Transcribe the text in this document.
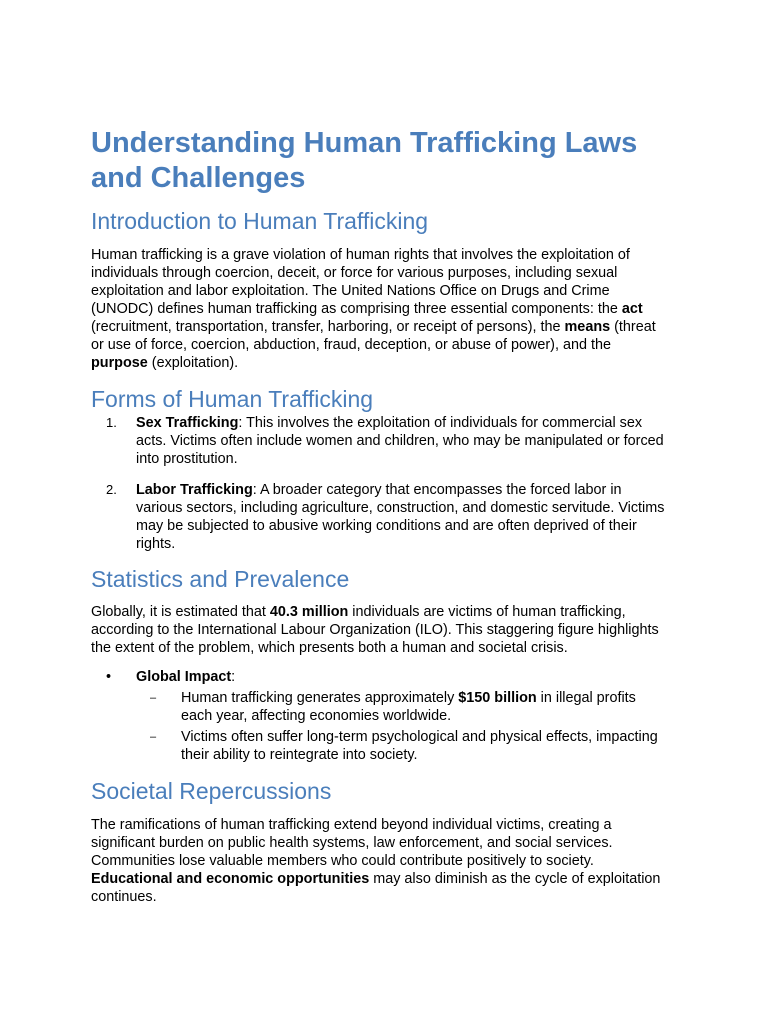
Understanding Human Trafficking Laws and Challenges
Introduction to Human Trafficking

Human trafficking is a grave violation of human rights that involves the exploitation of individuals through coercion, deceit, or force for various purposes, including sexual exploitation and labor exploitation. The United Nations Office on Drugs and Crime (UNODC) defines human trafficking as comprising three essential components: the act (recruitment, transportation, transfer, harboring, or receipt of persons), the means (threat or use of force, coercion, abduction, fraud, deception, or abuse of power), and the purpose (exploitation).

Forms of Human Trafficking
1. Sex Trafficking: This involves the exploitation of individuals for commercial sex acts. Victims often include women and children, who may be manipulated or forced into prostitution.
2. Labor Trafficking: A broader category that encompasses the forced labor in various sectors, including agriculture, construction, and domestic servitude. Victims may be subjected to abusive working conditions and are often deprived of their rights.
Statistics and Prevalence

Globally, it is estimated that 40.3 million individuals are victims of human trafficking, according to the International Labour Organization (ILO). This staggering figure highlights the extent of the problem, which presents both a human and societal crisis.

• Global Impact:
– Human trafficking generates approximately $150 billion in illegal profits each year, affecting economies worldwide.
– Victims often suffer long-term psychological and physical effects, impacting their ability to reintegrate into society.
Societal Repercussions

The ramifications of human trafficking extend beyond individual victims, creating a significant burden on public health systems, law enforcement, and social services. Communities lose valuable members who could contribute positively to society. Educational and economic opportunities may also diminish as the cycle of exploitation continues.
